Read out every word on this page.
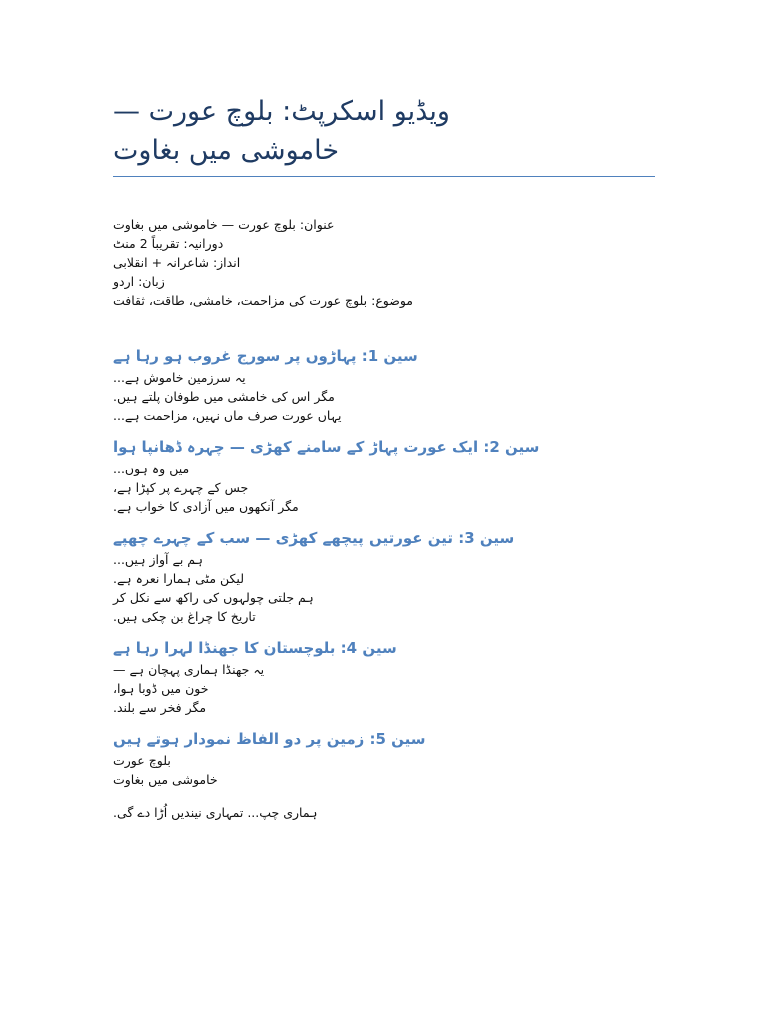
ویڈیو اسکرپٹ: بلوچ عورت —
خاموشی میں بغاوت
عنوان: بلوچ عورت — خاموشی میں بغاوت
دورانیہ: تقریباً 2 منٹ
انداز: شاعرانہ + انقلابی
زبان: اردو
موضوع: بلوچ عورت کی مزاحمت، خامشی، طاقت، ثقافت
سین 1: پہاڑوں پر سورج غروب ہو رہا ہے
یہ سرزمین خاموش ہے...
مگر اس کی خامشی میں طوفان پلتے ہیں.
یہاں عورت صرف ماں نہیں، مزاحمت ہے...
سین 2: ایک عورت پہاڑ کے سامنے کھڑی — چہرہ ڈھانپا ہوا
میں وہ ہوں...
جس کے چہرے پر کپڑا ہے،
مگر آنکھوں میں آزادی کا خواب ہے.
سین 3: تین عورتیں پیچھے کھڑی — سب کے چہرے چھپے
ہم بے آواز ہیں...
لیکن مٹی ہمارا نعرہ ہے.
ہم جلتی چولہوں کی راکھ سے نکل کر
تاریخ کا چراغ بن چکی ہیں.
سین 4: بلوچستان کا جھنڈا لہرا رہا ہے
یہ جھنڈا ہماری پہچان ہے —
خون میں ڈوبا ہوا،
مگر فخر سے بلند.
سین 5: زمین پر دو الفاظ نمودار ہوتے ہیں
بلوچ عورت
خاموشی میں بغاوت
ہماری چپ... تمہاری نیندیں اُڑا دے گی.
